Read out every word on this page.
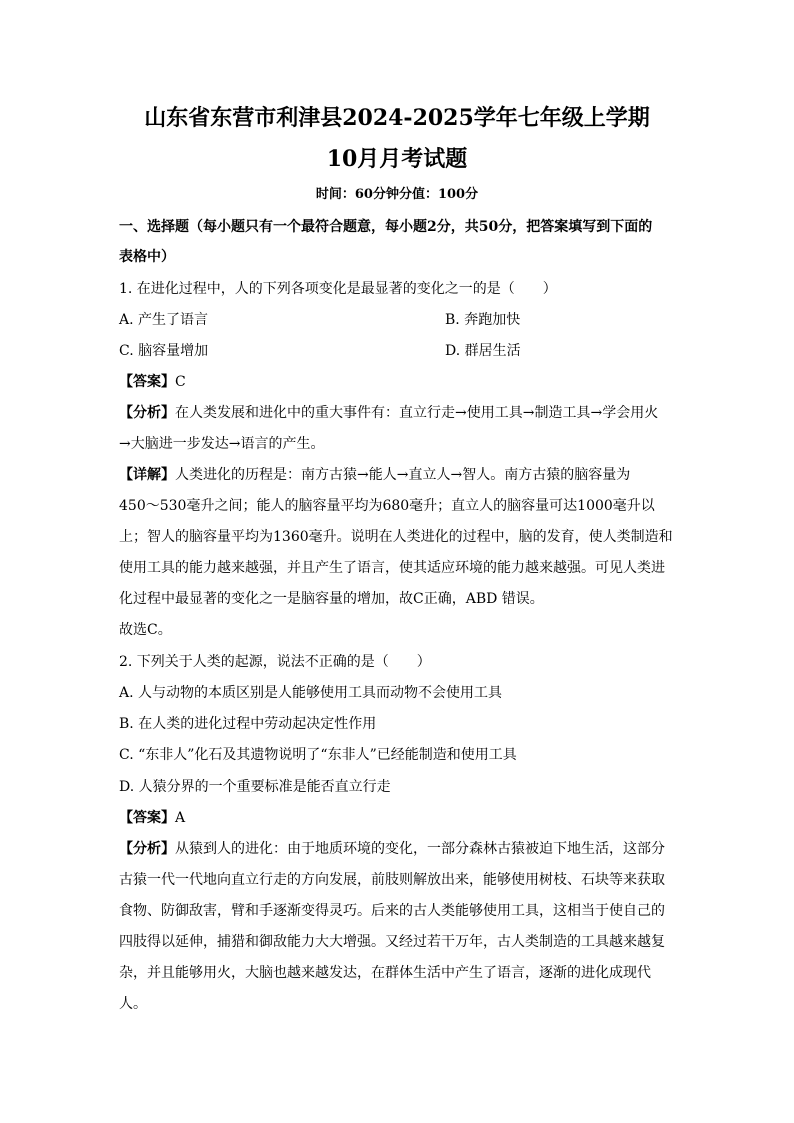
山东省东营市利津县2024-2025学年七年级上学期
10月月考试题
时间：60分钟分值：100分
一、选择题（每小题只有一个最符合题意，每小题2分，共50分，把答案填写到下面的
表格中）
1. 在进化过程中，人的下列各项变化是最显著的变化之一的是（　　）
A. 产生了语言	B. 奔跑加快
C. 脑容量增加	D. 群居生活
【答案】C
【分析】在人类发展和进化中的重大事件有：直立行走→使用工具→制造工具→学会用火
→大脑进一步发达→语言的产生。
【详解】人类进化的历程是：南方古猿→能人→直立人→智人。南方古猿的脑容量为
450～530毫升之间；能人的脑容量平均为680毫升；直立人的脑容量可达1000毫升以
上；智人的脑容量平均为1360毫升。说明在人类进化的过程中，脑的发育，使人类制造和
使用工具的能力越来越强，并且产生了语言，使其适应环境的能力越来越强。可见人类进
化过程中最显著的变化之一是脑容量的增加，故C正确，ABD 错误。
故选C。
2. 下列关于人类的起源，说法不正确的是（　　）
A. 人与动物的本质区别是人能够使用工具而动物不会使用工具
B. 在人类的进化过程中劳动起决定性作用
C. “东非人”化石及其遗物说明了“东非人”已经能制造和使用工具
D. 人猿分界的一个重要标准是能否直立行走
【答案】A
【分析】从猿到人的进化：由于地质环境的变化，一部分森林古猿被迫下地生活，这部分
古猿一代一代地向直立行走的方向发展，前肢则解放出来，能够使用树枝、石块等来获取
食物、防御敌害，臂和手逐渐变得灵巧。后来的古人类能够使用工具，这相当于使自己的
四肢得以延伸，捕猎和御敌能力大大增强。又经过若干万年，古人类制造的工具越来越复
杂，并且能够用火，大脑也越来越发达，在群体生活中产生了语言，逐渐的进化成现代
人。
